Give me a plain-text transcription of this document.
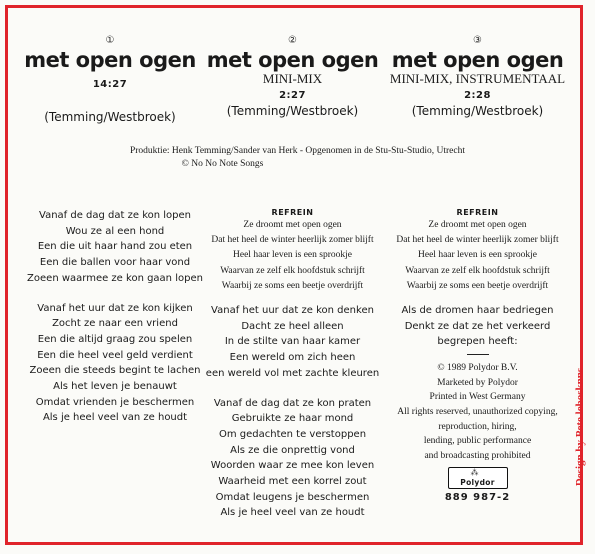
①
met open ogen
14:27
(Temming/Westbroek)
②
met open ogen
MINI-MIX
2:27
(Temming/Westbroek)
③
met open ogen
MINI-MIX, INSTRUMENTAAL
2:28
(Temming/Westbroek)
Produktie: Henk Temming/Sander van Herk - Opgenomen in de Stu-Stu-Studio, Utrecht
© No No Note Songs
Vanaf de dag dat ze kon lopen
Wou ze al een hond
Een die uit haar hand zou eten
Een die ballen voor haar vond
Zoeen waarmee ze kon gaan lopen
Vanaf het uur dat ze kon kijken
Zocht ze naar een vriend
Een die altijd graag zou spelen
Een die heel veel geld verdient
Zoeen die steeds begint te lachen
Als het leven je benauwt
Omdat vrienden je beschermen
Als je heel veel van ze houdt
REFREIN
Ze droomt met open ogen
Dat het heel de winter heerlijk zomer blijft
Heel haar leven is een sprookje
Waarvan ze zelf elk hoofdstuk schrijft
Waarbij ze soms een beetje overdrijft
Vanaf het uur dat ze kon denken
Dacht ze heel alleen
In de stilte van haar kamer
Een wereld om zich heen
een wereld vol met zachte kleuren
Vanaf de dag dat ze kon praten
Gebruikte ze haar mond
Om gedachten te verstoppen
Als ze die onprettig vond
Woorden waar ze mee kon leven
Waarheid met een korrel zout
Omdat leugens je beschermen
Als je heel veel van ze houdt
REFREIN
Ze droomt met open ogen
Dat het heel de winter heerlijk zomer blijft
Heel haar leven is een sprookje
Waarvan ze zelf elk hoofdstuk schrijft
Waarbij ze soms een beetje overdrijft
Als de dromen haar bedriegen
Denkt ze dat ze het verkeerd
begrepen heeft:
© 1989 Polydor B.V.
Marketed by Polydor
Printed in West Germany
All rights reserved, unauthorized copying,
reproduction, hiring,
lending, public performance
and broadcasting prohibited
⁂
Polydor
889 987-2
Design by Pete lebosknns
